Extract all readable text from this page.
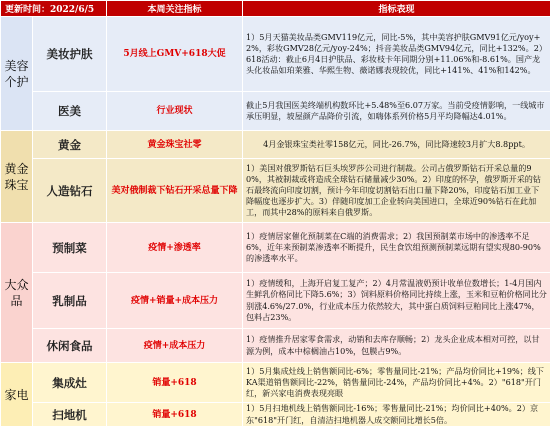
更新时间：2022/6/5		本周关注指标	指标表现
美容个护	美妆护肤	5月线上GMV+618大促	1）5月天猫美妆品类GMV119亿元，同比-5%，其中美容护肤GMV91亿元/yoy+2%，彩妆GMV28亿元/yoy-24%；抖音美妆品类GMV94亿元，同比+132%。2）618活动：截止6月4日护肤品、彩妆枝卡年同期分别+11.06%和-8.61%。国产龙头化妆品如珀莱雅、华熙生物、薇诺娜表现较优，同比+141%、41%和142%。
	医美	行业现状	截止5月我国医美终端机构数环比+5.48%至6.07万家。当前受疫情影响，一线城市承压明显，坡屋颜产品降价引流，如嗨体系列价格5月平均降幅达4.01%。
黄金珠宝	黄金	黄金珠宝社零	4月金银珠宝类社零158亿元，同比-26.7%，同比降速较3月扩大8.8ppt。
	人造钻石	美对俄制裁下钻石开采总量下降	1）美国对俄罗斯钻石巨头埃罗莎公司进行制裁。公司占俄罗斯钻石开采总量的90%，其被制裁或将造成全球钻石储量减少30%。2）印度的怀孕，俄罗斯开采的钻石最终流向印度切割，预计今年印度切割钻石出口量下降20%，印度钻石加工业下降幅度也逐步扩大。3）伴随印度加工企业转向美国进口，全球近90%钻石在此加工，而其中28%的原料来自俄罗斯。
大众品	预制菜	疫情+渗透率	1）疫情居家催化预制菜在C端的消费需求；2）我国预制菜市场中的渗透率不足6%，近年来预制菜渗透率不断提升，民生食饮组预测预制菜远期有望实现80-90%的渗透率水平。
	乳制品	疫情+销量+成本压力	1）疫情缓和，上海开启复工复产；2）4月常温液奶预计收单位数增长；1-4月国内生鲜乳价格同比下降5.6%；3）饲料原料价格同比持续上涨，玉米和豆粕价格同比分别涨4.6%/27.0%，行业成本压力依然较大，其中蛋白质饲料豆粕同比上涨47%，包料占23%。
	休闲食品	疫情+成本压力	1）疫情推升居家零食需求，动销和去库存顺畅；2）龙头企业成本相对可控，以甘源为例，成本中棕榈油占10%，包膜占9%。
家电	集成灶	销量+618	1）5月集成灶线上销售额同比-6%；零售量同比-21%；产品均价同比+19%；线下KA渠道销售额同比-22%，销售量同比-24%，产品均价同比+4%。2）"618"开门红，新兴家电消费表现亮眼
	扫地机	销量+618	1）5月扫地机线上销售额同比-16%；零售量同比-21%；均价同比+40%。2）京东"618"开门红，自清洁扫地机器人成交额同比增长5倍。
